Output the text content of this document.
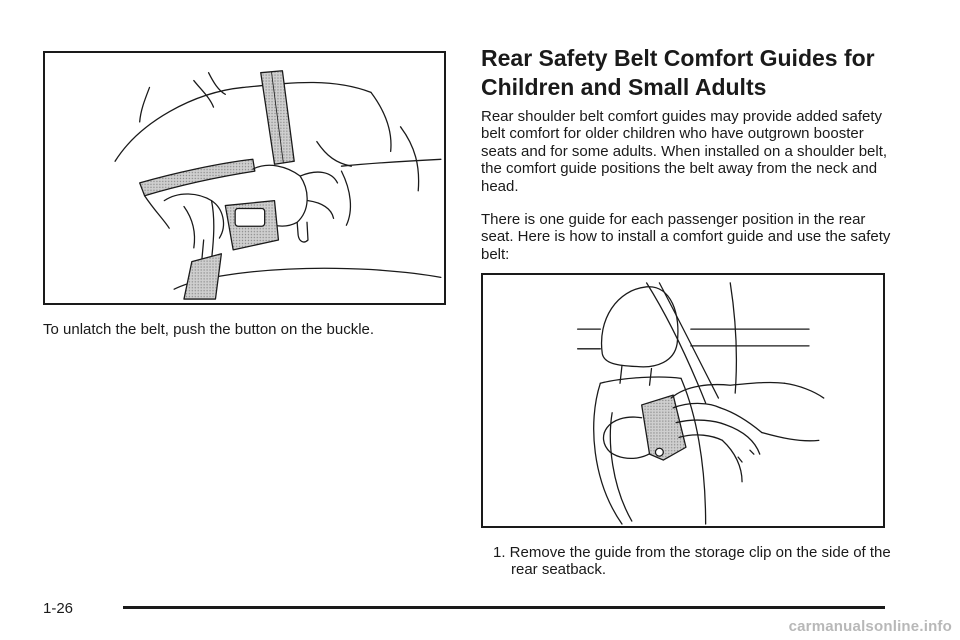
To unlatch the belt, push the button on the buckle.
Rear Safety Belt Comfort Guides for Children and Small Adults
Rear shoulder belt comfort guides may provide added safety belt comfort for older children who have outgrown booster seats and for some adults. When installed on a shoulder belt, the comfort guide positions the belt away from the neck and head.
There is one guide for each passenger position in the rear seat. Here is how to install a comfort guide and use the safety belt:
1. Remove the guide from the storage clip on the side of the rear seatback.
1-26
carmanualsonline.info
